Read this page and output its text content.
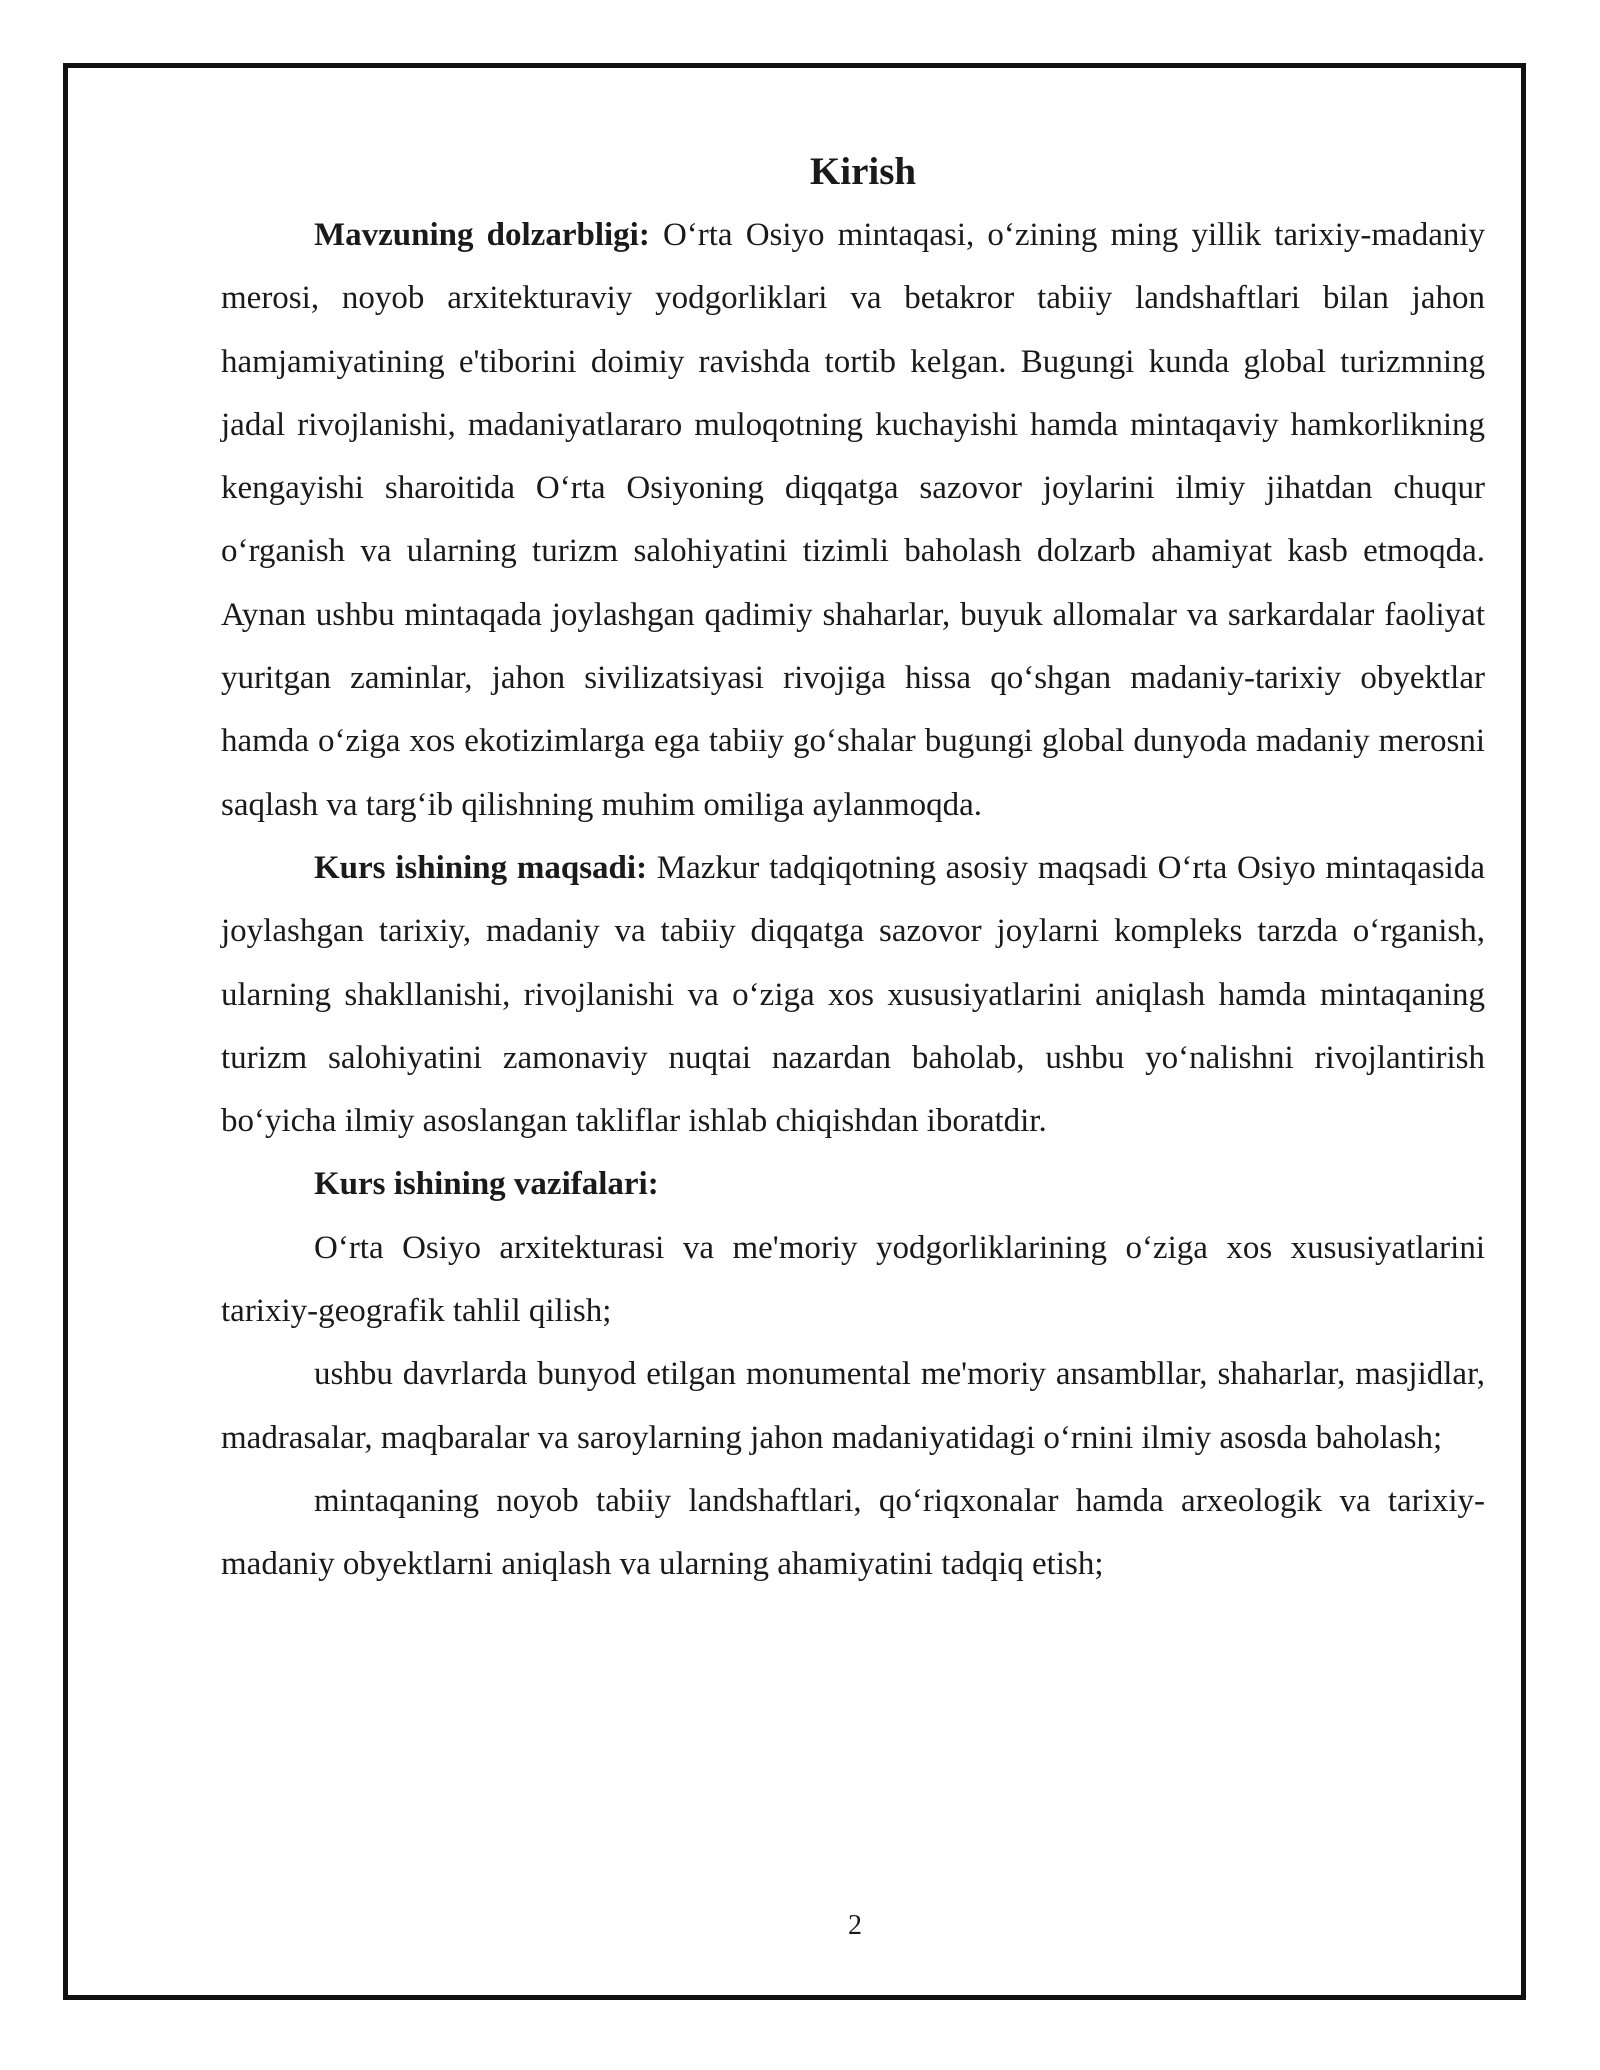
Kirish

Mavzuning dolzarbligi: O‘rta Osiyo mintaqasi, o‘zining ming yillik tarixiy-madaniy merosi, noyob arxitekturaviy yodgorliklari va betakror tabiiy landshaftlari bilan jahon hamjamiyatining e'tiborini doimiy ravishda tortib kelgan. Bugungi kunda global turizmning jadal rivojlanishi, madaniyatlararo muloqotning kuchayishi hamda mintaqaviy hamkorlikning kengayishi sharoitida O‘rta Osiyoning diqqatga sazovor joylarini ilmiy jihatdan chuqur o‘rganish va ularning turizm salohiyatini tizimli baholash dolzarb ahamiyat kasb etmoqda. Aynan ushbu mintaqada joylashgan qadimiy shaharlar, buyuk allomalar va sarkardalar faoliyat yuritgan zaminlar, jahon sivilizatsiyasi rivojiga hissa qo‘shgan madaniy-tarixiy obyektlar hamda o‘ziga xos ekotizimlarga ega tabiiy go‘shalar bugungi global dunyoda madaniy merosni saqlash va targ‘ib qilishning muhim omiliga aylanmoqda.

Kurs ishining maqsadi: Mazkur tadqiqotning asosiy maqsadi O‘rta Osiyo mintaqasida joylashgan tarixiy, madaniy va tabiiy diqqatga sazovor joylarni kompleks tarzda o‘rganish, ularning shakllanishi, rivojlanishi va o‘ziga xos xususiyatlarini aniqlash hamda mintaqaning turizm salohiyatini zamonaviy nuqtai nazardan baholab, ushbu yo‘nalishni rivojlantirish bo‘yicha ilmiy asoslangan takliflar ishlab chiqishdan iboratdir.

Kurs ishining vazifalari:

O‘rta Osiyo arxitekturasi va me'moriy yodgorliklarining o‘ziga xos xususiyatlarini tarixiy-geografik tahlil qilish;

ushbu davrlarda bunyod etilgan monumental me'moriy ansambllar, shaharlar, masjidlar, madrasalar, maqbaralar va saroylarning jahon madaniyatidagi o‘rnini ilmiy asosda baholash;

mintaqaning noyob tabiiy landshaftlari, qo‘riqxonalar hamda arxeologik va tarixiy-madaniy obyektlarni aniqlash va ularning ahamiyatini tadqiq etish;

2
